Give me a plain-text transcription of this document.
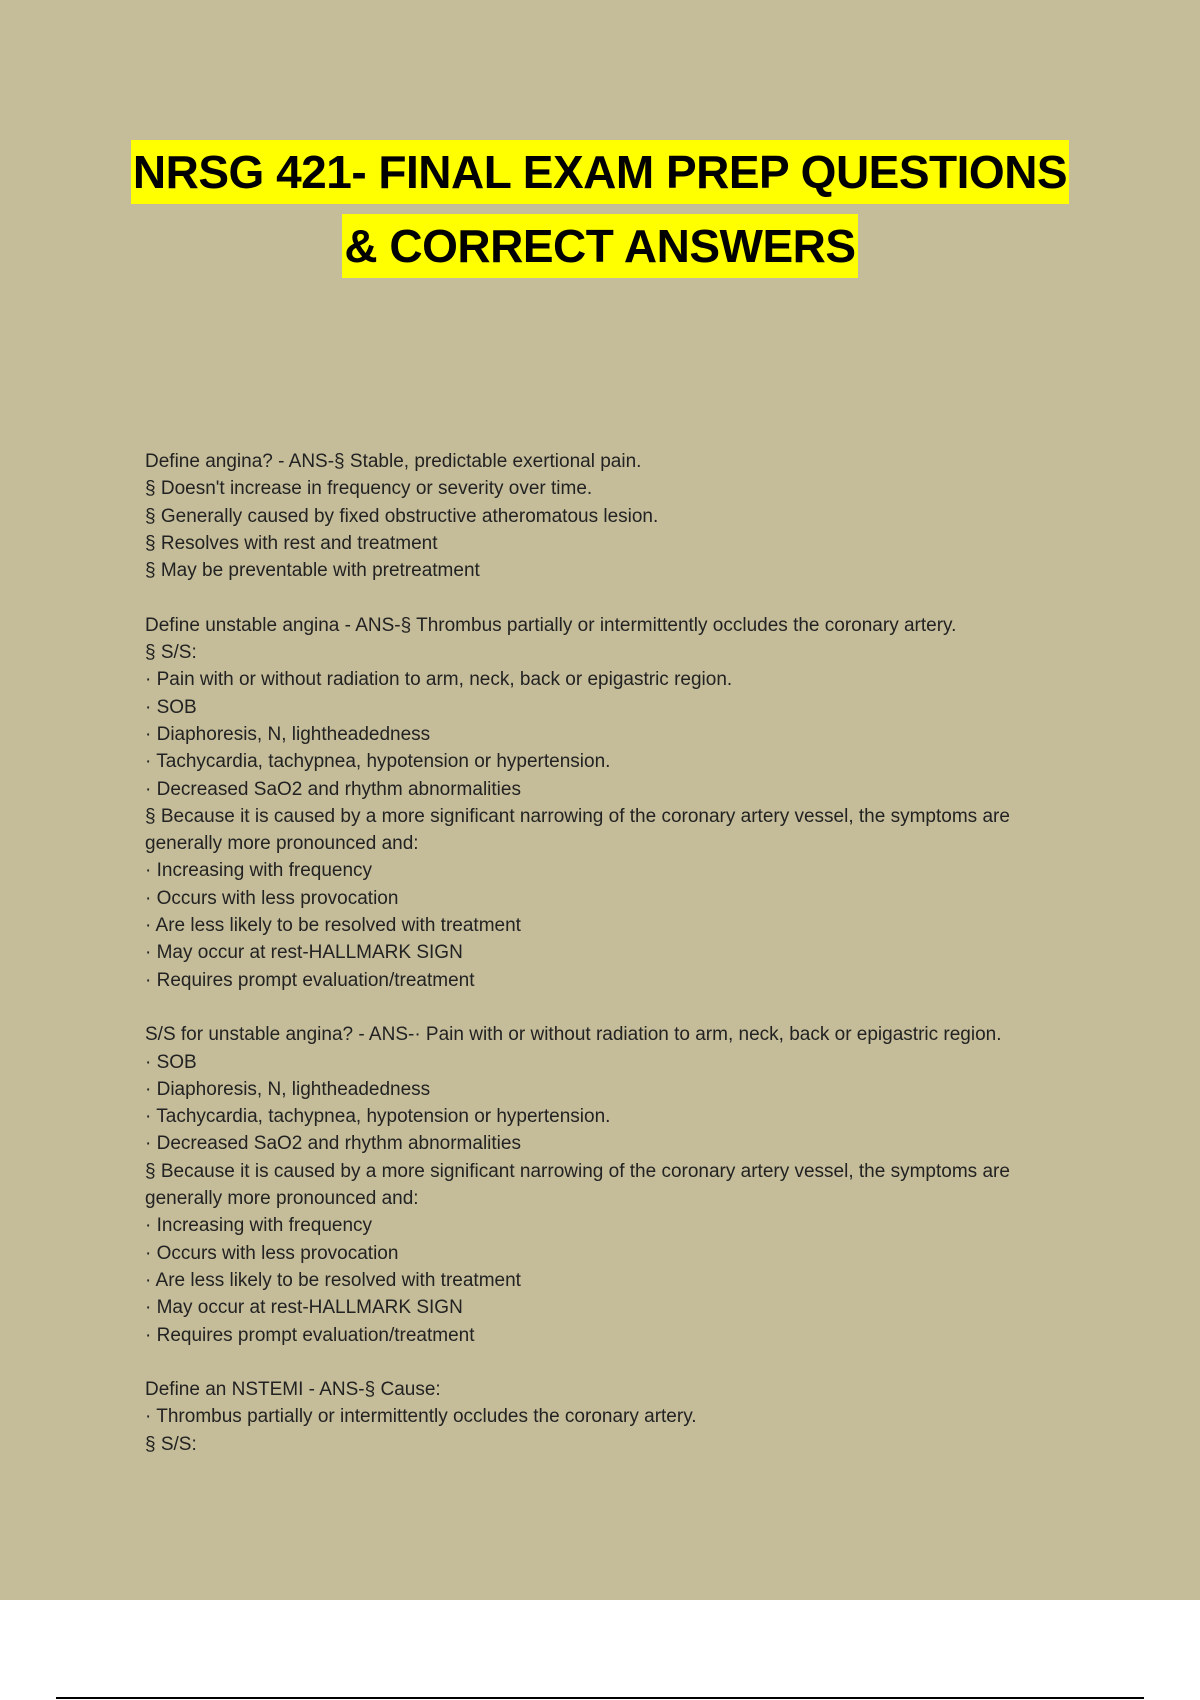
NRSG 421- FINAL EXAM PREP QUESTIONS
& CORRECT ANSWERS
Define angina? - ANS-§ Stable, predictable exertional pain.
§ Doesn't increase in frequency or severity over time.
§ Generally caused by fixed obstructive atheromatous lesion.
§ Resolves with rest and treatment
§ May be preventable with pretreatment
Define unstable angina - ANS-§ Thrombus partially or intermittently occludes the coronary artery.
§ S/S:
· Pain with or without radiation to arm, neck, back or epigastric region.
· SOB
· Diaphoresis, N, lightheadedness
· Tachycardia, tachypnea, hypotension or hypertension.
· Decreased SaO2 and rhythm abnormalities
§ Because it is caused by a more significant narrowing of the coronary artery vessel, the symptoms are
generally more pronounced and:
· Increasing with frequency
· Occurs with less provocation
· Are less likely to be resolved with treatment
· May occur at rest-HALLMARK SIGN
· Requires prompt evaluation/treatment
S/S for unstable angina? - ANS-· Pain with or without radiation to arm, neck, back or epigastric region.
· SOB
· Diaphoresis, N, lightheadedness
· Tachycardia, tachypnea, hypotension or hypertension.
· Decreased SaO2 and rhythm abnormalities
§ Because it is caused by a more significant narrowing of the coronary artery vessel, the symptoms are
generally more pronounced and:
· Increasing with frequency
· Occurs with less provocation
· Are less likely to be resolved with treatment
· May occur at rest-HALLMARK SIGN
· Requires prompt evaluation/treatment
Define an NSTEMI - ANS-§ Cause:
· Thrombus partially or intermittently occludes the coronary artery.
§ S/S:
